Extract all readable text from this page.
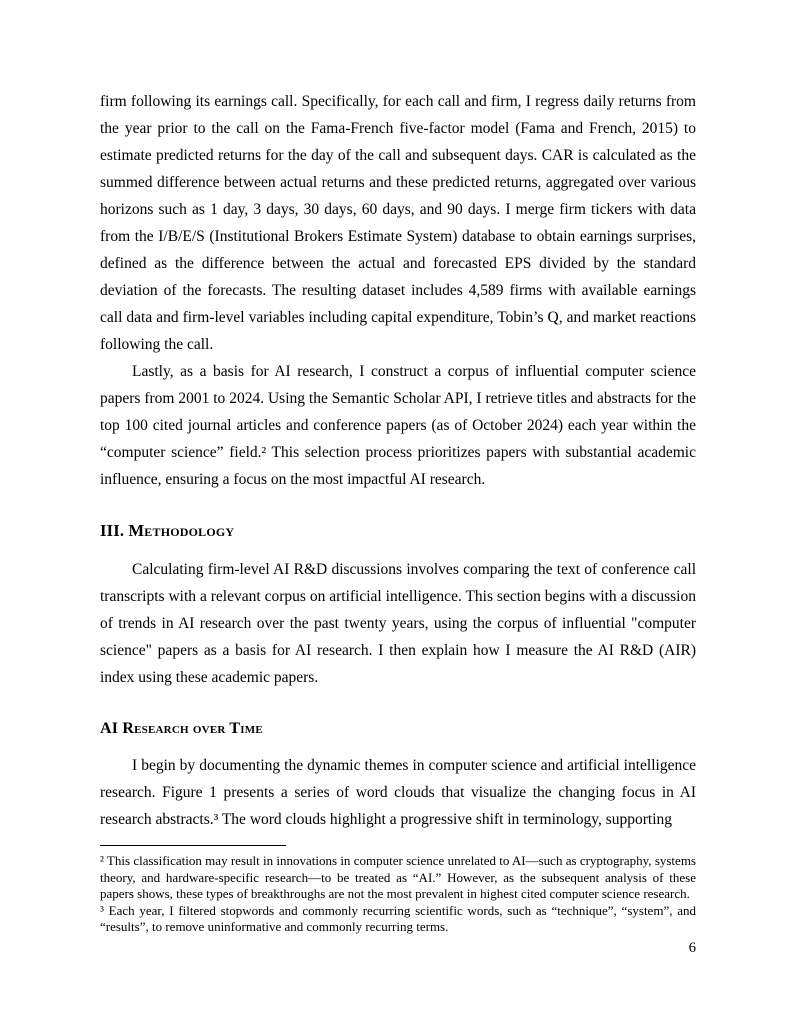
firm following its earnings call. Specifically, for each call and firm, I regress daily returns from the year prior to the call on the Fama-French five-factor model (Fama and French, 2015) to estimate predicted returns for the day of the call and subsequent days. CAR is calculated as the summed difference between actual returns and these predicted returns, aggregated over various horizons such as 1 day, 3 days, 30 days, 60 days, and 90 days. I merge firm tickers with data from the I/B/E/S (Institutional Brokers Estimate System) database to obtain earnings surprises, defined as the difference between the actual and forecasted EPS divided by the standard deviation of the forecasts. The resulting dataset includes 4,589 firms with available earnings call data and firm-level variables including capital expenditure, Tobin’s Q, and market reactions following the call.

Lastly, as a basis for AI research, I construct a corpus of influential computer science papers from 2001 to 2024. Using the Semantic Scholar API, I retrieve titles and abstracts for the top 100 cited journal articles and conference papers (as of October 2024) each year within the “computer science” field.² This selection process prioritizes papers with substantial academic influence, ensuring a focus on the most impactful AI research.

III. Methodology

Calculating firm-level AI R&D discussions involves comparing the text of conference call transcripts with a relevant corpus on artificial intelligence. This section begins with a discussion of trends in AI research over the past twenty years, using the corpus of influential "computer science" papers as a basis for AI research. I then explain how I measure the AI R&D (AIR) index using these academic papers.

AI Research over Time

I begin by documenting the dynamic themes in computer science and artificial intelligence research. Figure 1 presents a series of word clouds that visualize the changing focus in AI research abstracts.³ The word clouds highlight a progressive shift in terminology, supporting

² This classification may result in innovations in computer science unrelated to AI—such as cryptography, systems theory, and hardware-specific research—to be treated as “AI.” However, as the subsequent analysis of these papers shows, these types of breakthroughs are not the most prevalent in highest cited computer science research.

³ Each year, I filtered stopwords and commonly recurring scientific words, such as “technique”, “system”, and “results”, to remove uninformative and commonly recurring terms.

6
